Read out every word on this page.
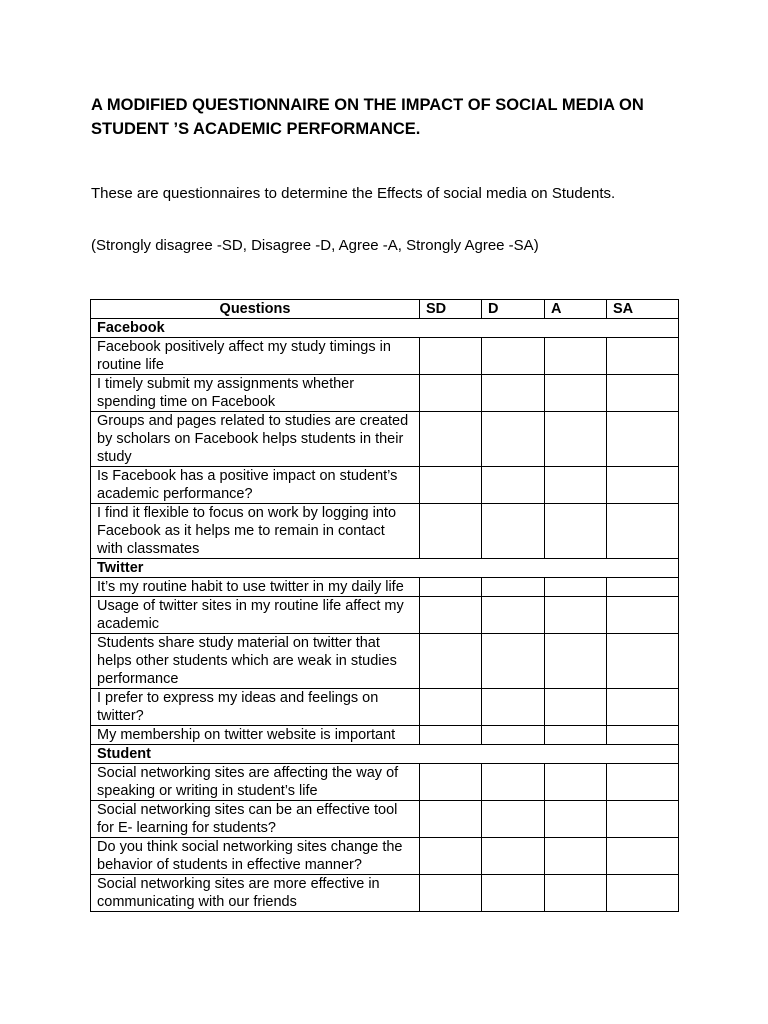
A MODIFIED QUESTIONNAIRE ON THE IMPACT OF SOCIAL MEDIA ON STUDENT ’S ACADEMIC PERFORMANCE.

These are questionnaires to determine the Effects of social media on Students.

(Strongly disagree -SD, Disagree -D, Agree -A, Strongly Agree -SA)

Questions	SD	D	A	SA
Facebook				
Facebook positively affect my study timings in routine life				
I timely submit my assignments whether spending time on Facebook				
Groups and pages related to studies are created by scholars on Facebook helps students in their study				
Is Facebook has a positive impact on student’s academic performance?				
I find it flexible to focus on work by logging into Facebook as it helps me to remain in contact with classmates				
Twitter				
It’s my routine habit to use twitter in my daily life				
Usage of twitter sites in my routine life affect my academic				
Students share study material on twitter that helps other students which are weak in studies performance				
I prefer to express my ideas and feelings on twitter?				
My membership on twitter website is important				
Student				
Social networking sites are affecting the way of speaking or writing in student’s life				
Social networking sites can be an effective tool for E- learning for students?				
Do you think social networking sites change the behavior of students in effective manner?				
Social networking sites are more effective in communicating with our friends				
